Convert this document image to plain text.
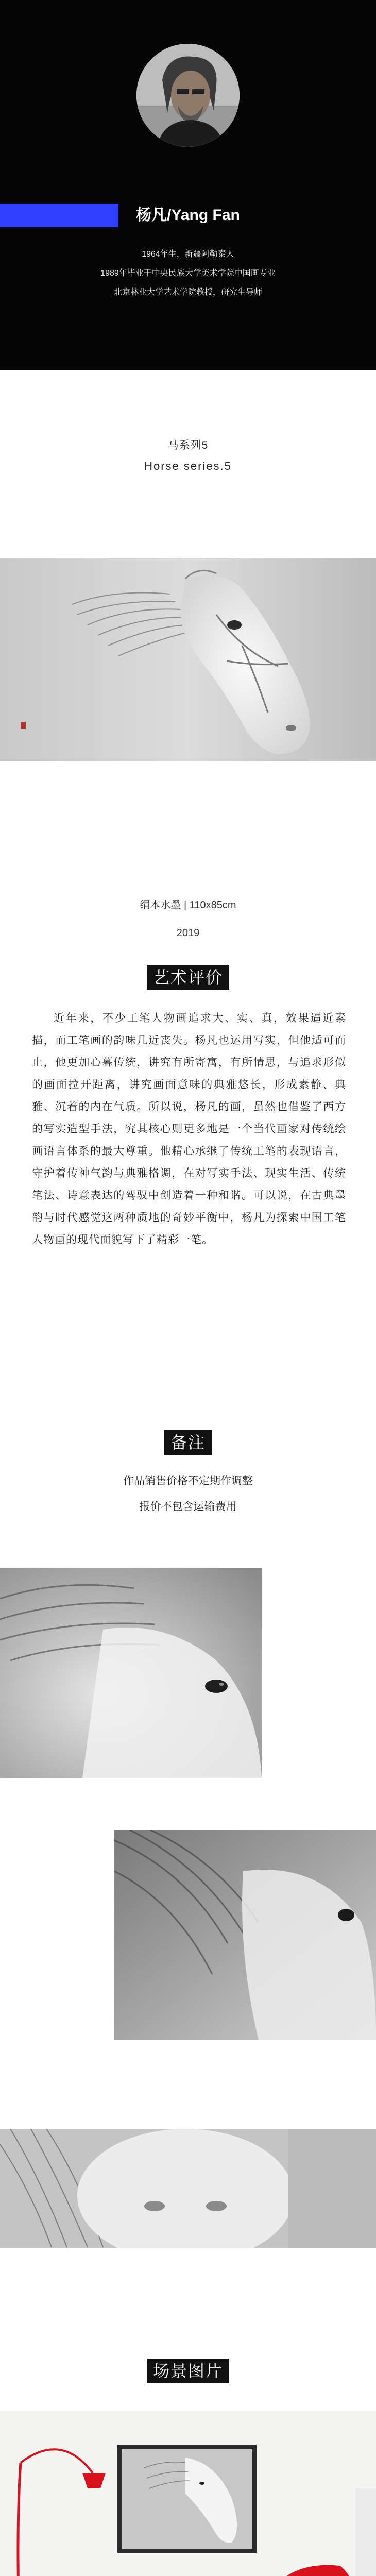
杨凡/Yang Fan
1964年生，新疆阿勒泰人
1989年毕业于中央民族大学美术学院中国画专业
北京林业大学艺术学院教授，研究生导师
马系列5
Horse series.5
绢本水墨 | 110x85cm
2019
艺术评价
近年来，不少工笔人物画追求大、实、真，效果逼近素描，而工笔画的韵味几近丧失。杨凡也运用写实，但他适可而止，他更加心暮传统，讲究有所寄寓，有所情思，与追求形似的画面拉开距离，讲究画面意味的典雅悠长，形成素静、典雅、沉着的内在气质。所以说，杨凡的画，虽然也借鉴了西方的写实造型手法，究其核心则更多地是一个当代画家对传统绘画语言体系的最大尊重。他精心承继了传统工笔的表现语言，守护着传神气韵与典雅格调，在对写实手法、现实生活、传统笔法、诗意表达的驾驭中创造着一种和谐。可以说，在古典墨韵与时代感觉这两种质地的奇妙平衡中，杨凡为探索中国工笔人物画的现代面貌写下了精彩一笔。
备注
作品销售价格不定期作调整
报价不包含运输费用
场景图片
